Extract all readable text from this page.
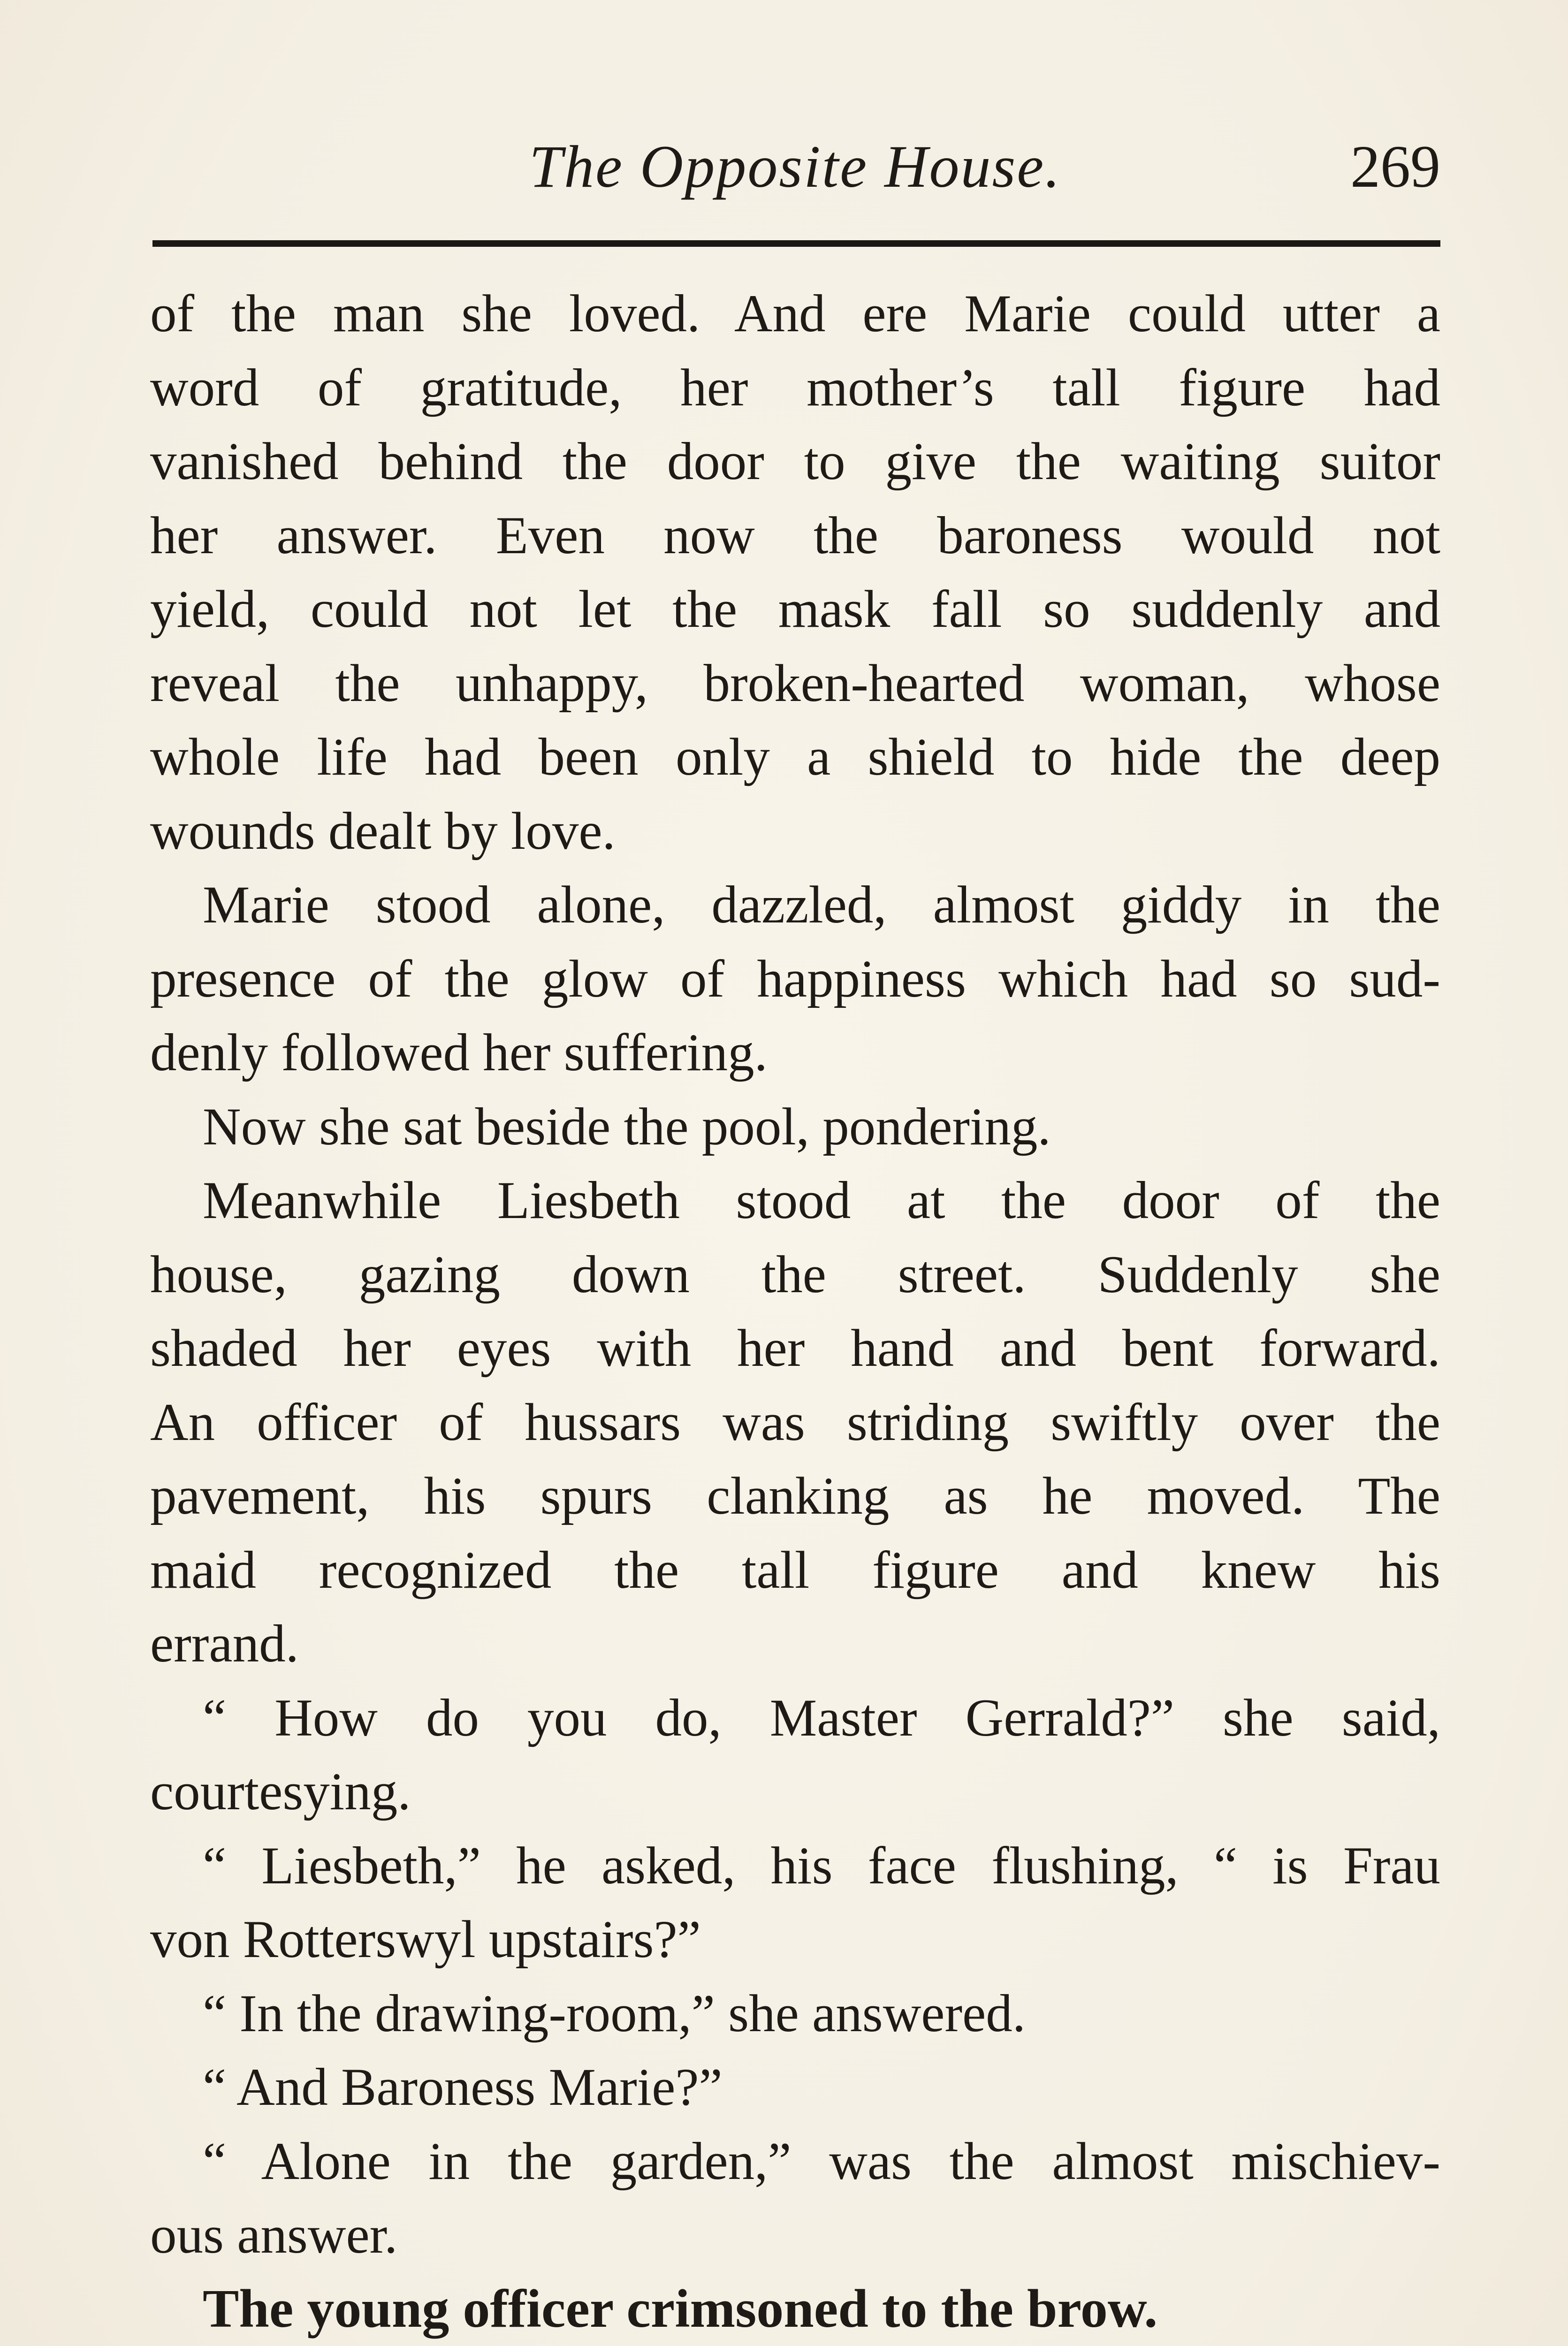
The Opposite House.	269
of the man she loved. And ere Marie could utter a
word of gratitude, her mother’s tall figure had
vanished behind the door to give the waiting suitor
her answer. Even now the baroness would not
yield, could not let the mask fall so suddenly and
reveal the unhappy, broken-hearted woman, whose
whole life had been only a shield to hide the deep
wounds dealt by love.
Marie stood alone, dazzled, almost giddy in the
presence of the glow of happiness which had so sud-
denly followed her suffering.
Now she sat beside the pool, pondering.
Meanwhile Liesbeth stood at the door of the
house, gazing down the street. Suddenly she
shaded her eyes with her hand and bent forward.
An officer of hussars was striding swiftly over the
pavement, his spurs clanking as he moved. The
maid recognized the tall figure and knew his
errand.
“ How do you do, Master Gerrald?” she said,
courtesying.
“ Liesbeth,” he asked, his face flushing, “ is Frau
von Rotterswyl upstairs?”
“ In the drawing-room,” she answered.
“ And Baroness Marie?”
“ Alone in the garden,” was the almost mischiev-
ous answer.
The young officer crimsoned to the brow.
